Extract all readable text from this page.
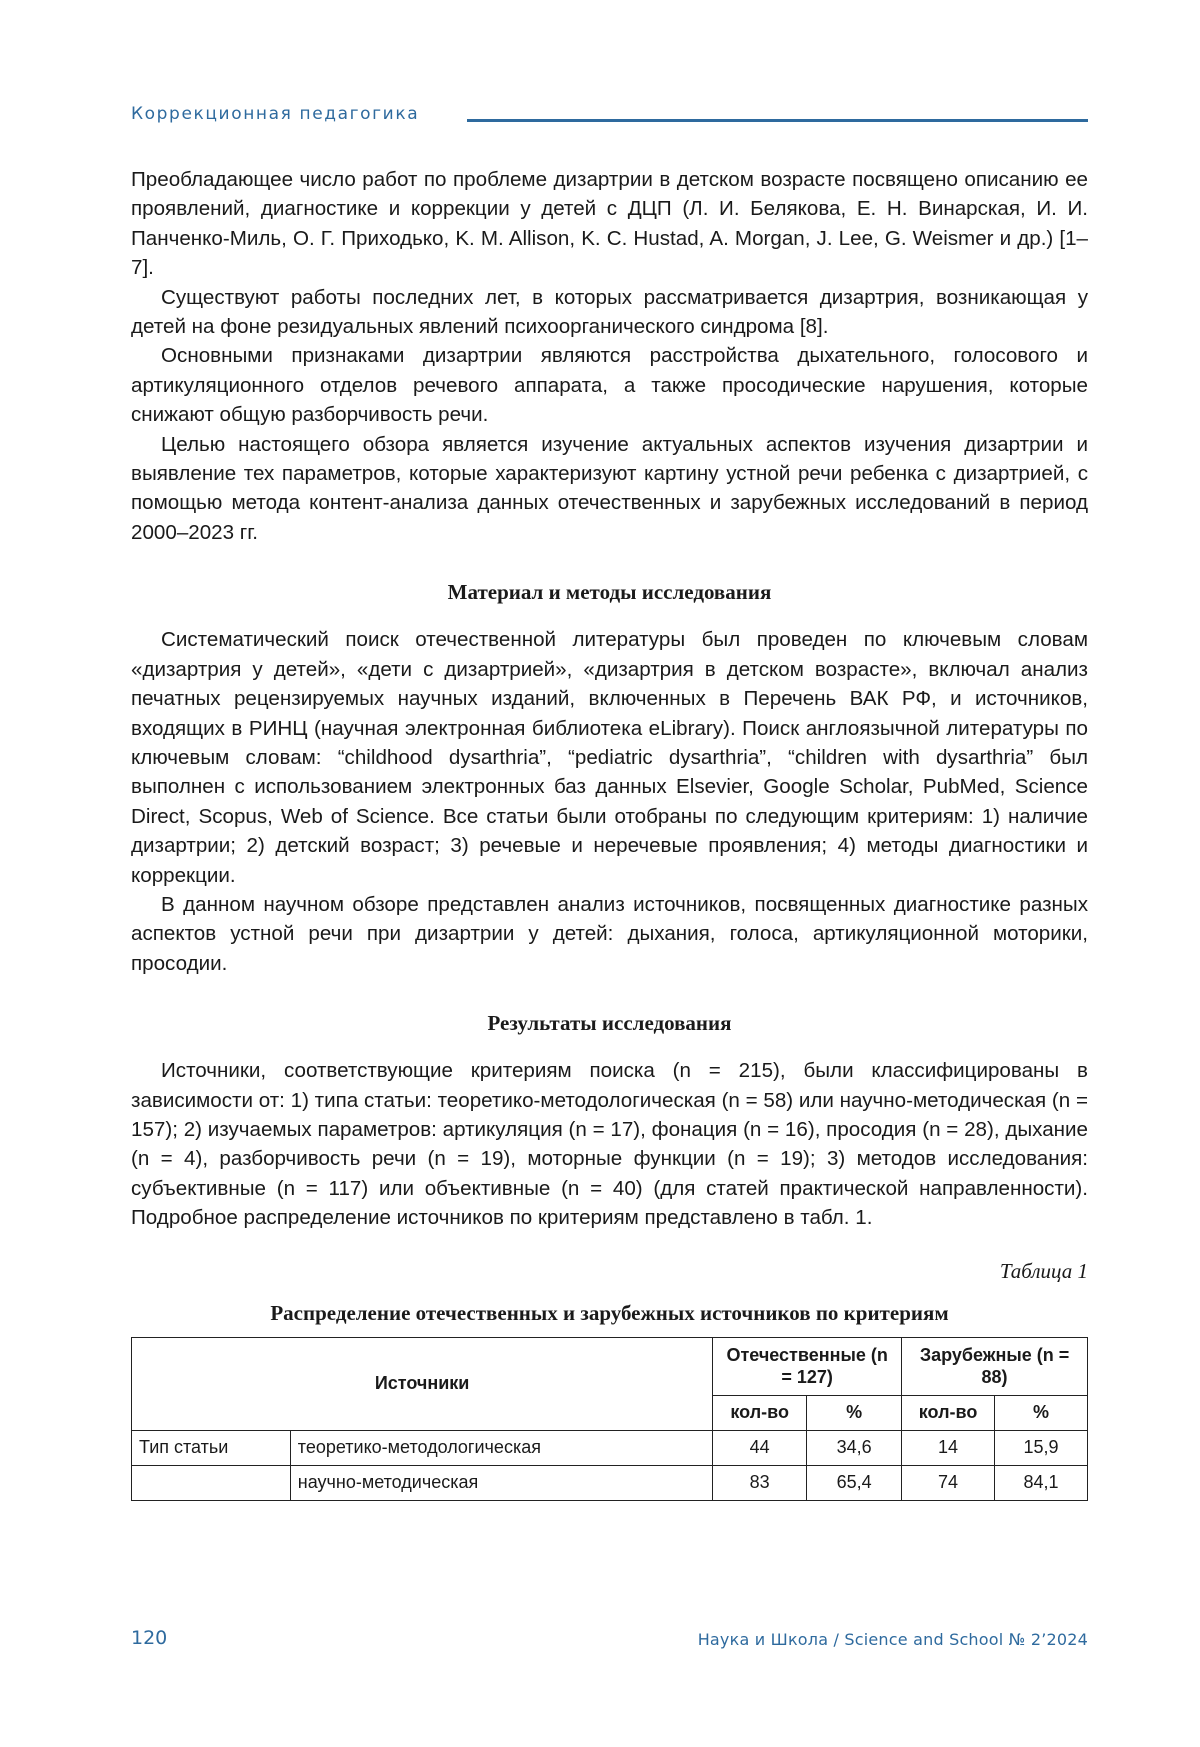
Коррекционная педагогика

Преобладающее число работ по проблеме дизартрии в детском возрасте посвящено описанию ее проявлений, диагностике и коррекции у детей с ДЦП (Л. И. Белякова, Е. Н. Винарская, И. И. Панченко-Миль, О. Г. Приходько, K. M. Allison, K. C. Hustad, A. Morgan, J. Lee, G. Weismer и др.) [1–7].

Существуют работы последних лет, в которых рассматривается дизартрия, возникающая у детей на фоне резидуальных явлений психоорганического синдрома [8].

Основными признаками дизартрии являются расстройства дыхательного, голосового и артикуляционного отделов речевого аппарата, а также просодические нарушения, которые снижают общую разборчивость речи.

Целью настоящего обзора является изучение актуальных аспектов изучения дизартрии и выявление тех параметров, которые характеризуют картину устной речи ребенка с дизартрией, с помощью метода контент-анализа данных отечественных и зарубежных исследований в период 2000–2023 гг.

Материал и методы исследования

Систематический поиск отечественной литературы был проведен по ключевым словам «дизартрия у детей», «дети с дизартрией», «дизартрия в детском возрасте», включал анализ печатных рецензируемых научных изданий, включенных в Перечень ВАК РФ, и источников, входящих в РИНЦ (научная электронная библиотека eLibrary). Поиск англоязычной литературы по ключевым словам: “childhood dysarthria”, “pediatric dysarthria”, “children with dysarthria” был выполнен с использованием электронных баз данных Elsevier, Google Scholar, PubMed, Science Direct, Scopus, Web of Science. Все статьи были отобраны по следующим критериям: 1) наличие дизартрии; 2) детский возраст; 3) речевые и неречевые проявления; 4) методы диагностики и коррекции.

В данном научном обзоре представлен анализ источников, посвященных диагностике разных аспектов устной речи при дизартрии у детей: дыхания, голоса, артикуляционной моторики, просодии.

Результаты исследования

Источники, соответствующие критериям поиска (n = 215), были классифицированы в зависимости от: 1) типа статьи: теоретико-методологическая (n = 58) или научно-методическая (n = 157); 2) изучаемых параметров: артикуляция (n = 17), фонация (n = 16), просодия (n = 28), дыхание (n = 4), разборчивость речи (n = 19), моторные функции (n = 19); 3) методов исследования: субъективные (n = 117) или объективные (n = 40) (для статей практической направленности). Подробное распределение источников по критериям представлено в табл. 1.

Таблица 1

Распределение отечественных и зарубежных источников по критериям

Источники		Отечественные (n = 127)		Зарубежные (n = 88)	
		кол-во	%	кол-во	%
Тип статьи	теоретико-методологическая	44	34,6	14	15,9
	научно-методическая	83	65,4	74	84,1
120	Наука и Школа / Science and School № 2’2024
